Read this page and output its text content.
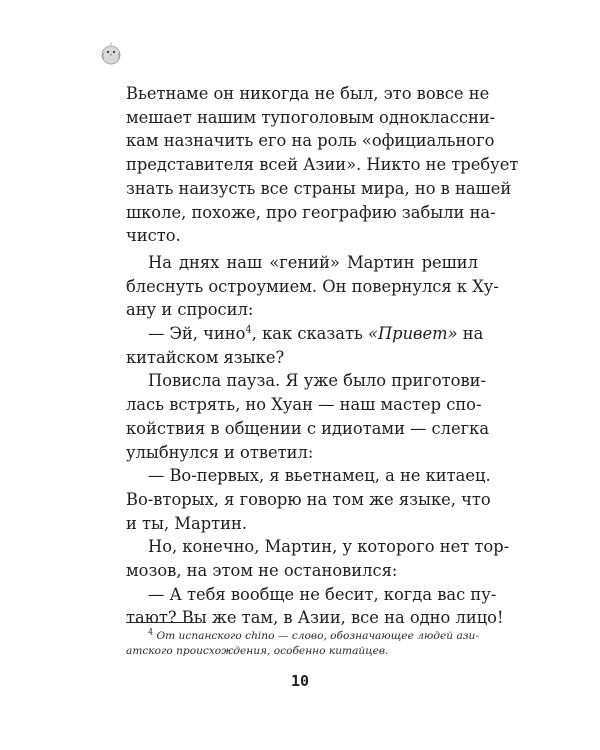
Вьетнаме он никогда не был, это вовсе не
мешает нашим тупоголовым одноклассни-
кам назначить его на роль «официального
представителя всей Азии». Никто не требует
знать наизусть все страны мира, но в нашей
школе, похоже, про географию забыли на-
чисто.
На днях наш «гений» Мартин решил
блеснуть остроумием. Он повернулся к Ху-
ану и спросил:
— Эй, чино$^4$, как сказать «Привет» на
китайском языке?
Повисла пауза. Я уже было приготови-
лась встрять, но Хуан — наш мастер спо-
койствия в общении с идиотами — слегка
улыбнулся и ответил:
— Во-первых, я вьетнамец, а не китаец.
Во-вторых, я говорю на том же языке, что
и ты, Мартин.
Но, конечно, Мартин, у которого нет тор-
мозов, на этом не остановился:
— А тебя вообще не бесит, когда вас пу-
тают? Вы же там, в Азии, все на одно лицо!
$^4$ От испанского chino — слово, обозначающее людей ази-
атского происхождения, особенно китайцев.
10
